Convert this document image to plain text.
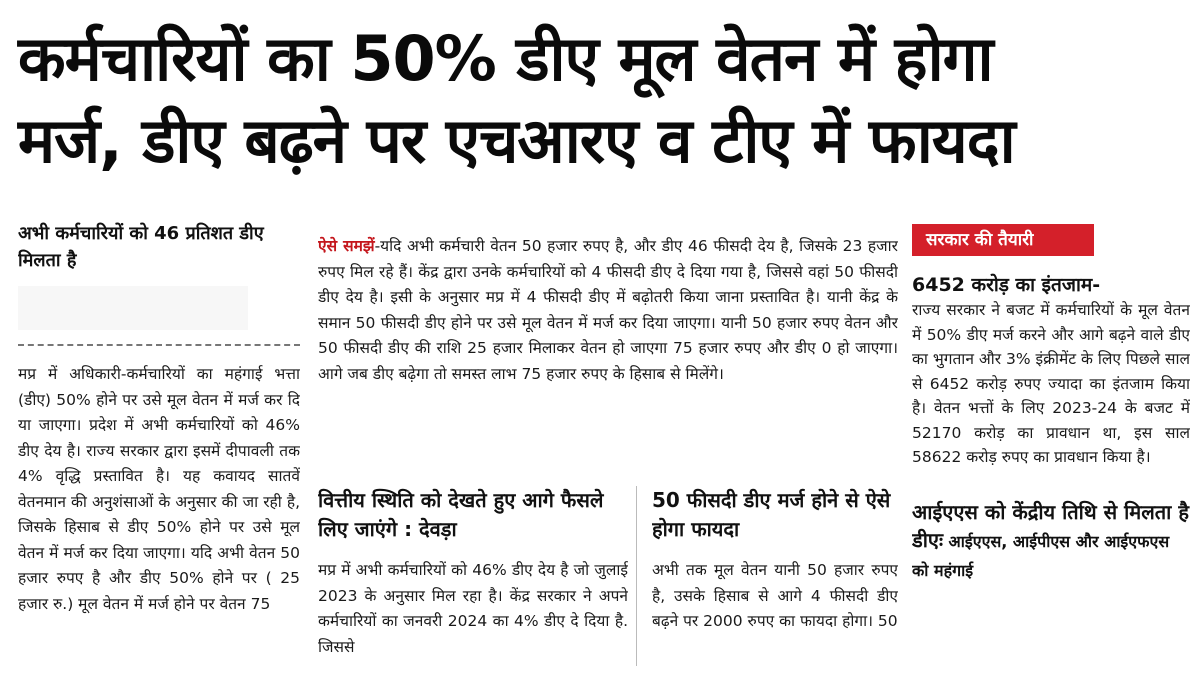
कर्मचारियों का 50% डीए मूल वेतन में होगा
मर्ज, डीए बढ़ने पर एचआरए व टीए में फायदा
अभी कर्मचारियों को 46 प्रतिशत डीए मिलता है
मप्र में अधिकारी-कर्मचारियों का महंगाई भत्ता (डीए) 50% होने पर उसे मूल वेतन में मर्ज कर दि या जाएगा। प्रदेश में अभी कर्मचारियों को 46% डीए देय है। राज्य सरकार द्वारा इसमें दीपावली तक 4% वृद्धि प्रस्तावित है। यह कवायद सातवें वेतनमान की अनुशंसाओं के अनुसार की जा रही है, जिसके हिसाब से डीए 50% होने पर उसे मूल वेतन में मर्ज कर दिया जाएगा। यदि अभी वेतन 50 हजार रुपए है और डीए 50% होने पर ( 25 हजार रु.) मूल वेतन में मर्ज होने पर वेतन 75
ऐसे समझें-यदि अभी कर्मचारी वेतन 50 हजार रुपए है, और डीए 46 फीसदी देय है, जिसके 23 हजार रुपए मिल रहे हैं। केंद्र द्वारा उनके कर्मचारियों को 4 फीसदी डीए दे दिया गया है, जिससे वहां 50 फीसदी डीए देय है। इसी के अनुसार मप्र में 4 फीसदी डीए में बढ़ोतरी किया जाना प्रस्तावित है। यानी केंद्र के समान 50 फीसदी डीए होने पर उसे मूल वेतन में मर्ज कर दिया जाएगा। यानी 50 हजार रुपए वेतन और 50 फीसदी डीए की राशि 25 हजार मिलाकर वेतन हो जाएगा 75 हजार रुपए और डीए 0 हो जाएगा। आगे जब डीए बढ़ेगा तो समस्त लाभ 75 हजार रुपए के हिसाब से मिलेंगे।
वित्तीय स्थिति को देखते हुए आगे फैसले लिए जाएंगे : देवड़ा
मप्र में अभी कर्मचारियों को 46% डीए देय है जो जुलाई 2023 के अनुसार मिल रहा है। केंद्र सरकार ने अपने कर्मचारियों का जनवरी 2024 का 4% डीए दे दिया है. जिससे
50 फीसदी डीए मर्ज होने से ऐसे होगा फायदा
अभी तक मूल वेतन यानी 50 हजार रुपए है, उसके हिसाब से आगे 4 फीसदी डीए बढ़ने पर 2000 रुपए का फायदा होगा। 50
सरकार की तैयारी
6452 करोड़ का इंतजाम-
राज्य सरकार ने बजट में कर्मचारियों के मूल वेतन में 50% डीए मर्ज करने और आगे बढ़ने वाले डीए का भुगतान और 3% इंक्रीमेंट के लिए पिछले साल से 6452 करोड़ रुपए ज्यादा का इंतजाम किया है। वेतन भत्तों के लिए 2023-24 के बजट में 52170 करोड़ का प्रावधान था, इस साल 58622 करोड़ रुपए का प्रावधान किया है।
आईएएस को केंद्रीय तिथि से मिलता है डीएः आईएएस, आईपीएस और आईएफएस को महंगाई
